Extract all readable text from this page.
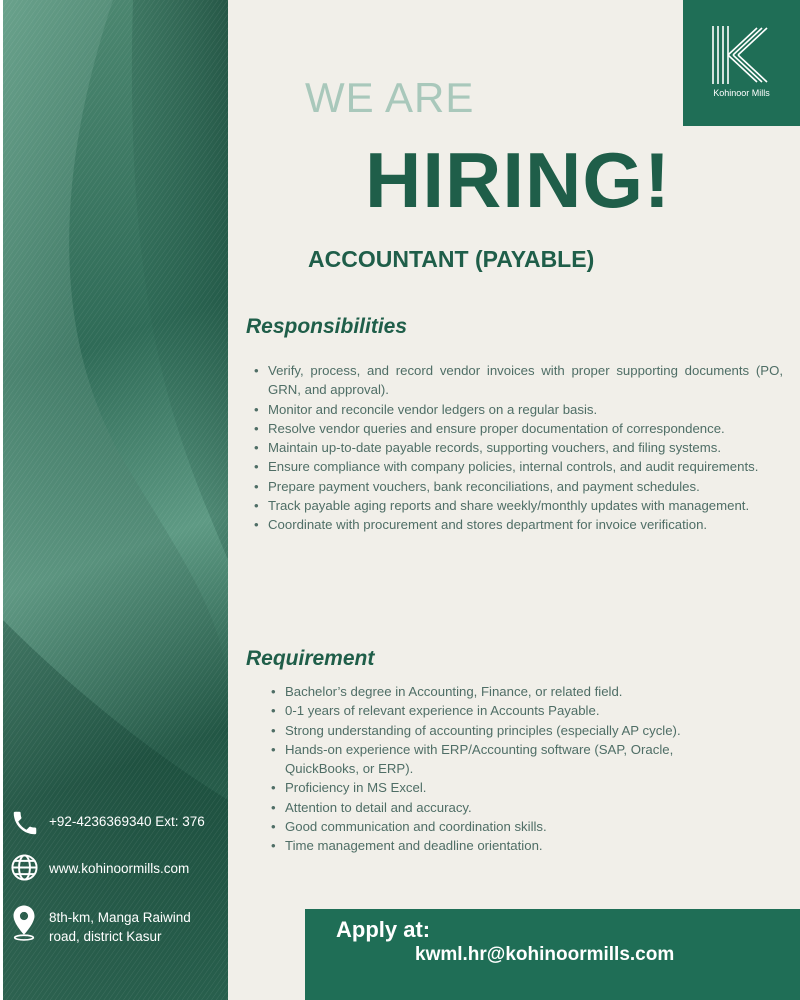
Kohinoor Mills
WE ARE
HIRING!
ACCOUNTANT (PAYABLE)
Responsibilities
• Verify, process, and record vendor invoices with proper supporting documents (PO, GRN, and approval).
• Monitor and reconcile vendor ledgers on a regular basis.
• Resolve vendor queries and ensure proper documentation of correspondence.
• Maintain up-to-date payable records, supporting vouchers, and filing systems.
• Ensure compliance with company policies, internal controls, and audit requirements.
• Prepare payment vouchers, bank reconciliations, and payment schedules.
• Track payable aging reports and share weekly/monthly updates with management.
• Coordinate with procurement and stores department for invoice verification.
Requirement
• Bachelor’s degree in Accounting, Finance, or related field.
• 0-1 years of relevant experience in Accounts Payable.
• Strong understanding of accounting principles (especially AP cycle).
• Hands-on experience with ERP/Accounting software (SAP, Oracle, QuickBooks, or ERP).
• Proficiency in MS Excel.
• Attention to detail and accuracy.
• Good communication and coordination skills.
• Time management and deadline orientation.
+92-4236369340 Ext: 376
www.kohinoormills.com
8th-km, Manga Raiwind
road, district Kasur	Apply at:
kwml.hr@kohinoormills.com
